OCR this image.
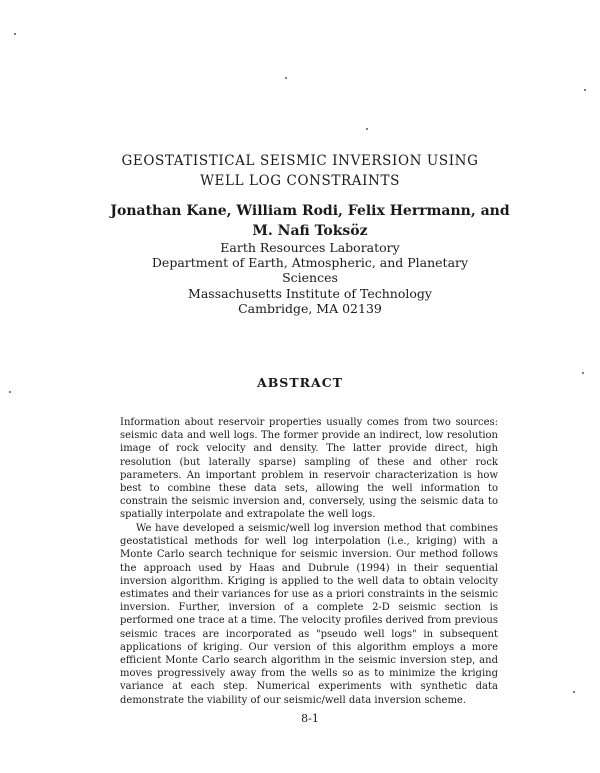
GEOSTATISTICAL SEISMIC INVERSION USING
WELL LOG CONSTRAINTS
Jonathan Kane, William Rodi, Felix Herrmann, and
M. Nafi Toksöz
Earth Resources Laboratory
Department of Earth, Atmospheric, and Planetary Sciences
Massachusetts Institute of Technology
Cambridge, MA 02139
ABSTRACT

Information about reservoir properties usually comes from two sources: seismic data and well logs. The former provide an indirect, low resolution image of rock velocity and density. The latter provide direct, high resolution (but laterally sparse) sampling of these and other rock parameters. An important problem in reservoir characterization is how best to combine these data sets, allowing the well information to constrain the seismic inversion and, conversely, using the seismic data to spatially interpolate and extrapolate the well logs.

We have developed a seismic/well log inversion method that combines geostatistical methods for well log interpolation (i.e., kriging) with a Monte Carlo search technique for seismic inversion. Our method follows the approach used by Haas and Dubrule (1994) in their sequential inversion algorithm. Kriging is applied to the well data to obtain velocity estimates and their variances for use as a priori constraints in the seismic inversion. Further, inversion of a complete 2-D seismic section is performed one trace at a time. The velocity profiles derived from previous seismic traces are incorporated as "pseudo well logs" in subsequent applications of kriging. Our version of this algorithm employs a more efficient Monte Carlo search algorithm in the seismic inversion step, and moves progressively away from the wells so as to minimize the kriging variance at each step. Numerical experiments with synthetic data demonstrate the viability of our seismic/well data inversion scheme.

8-1
